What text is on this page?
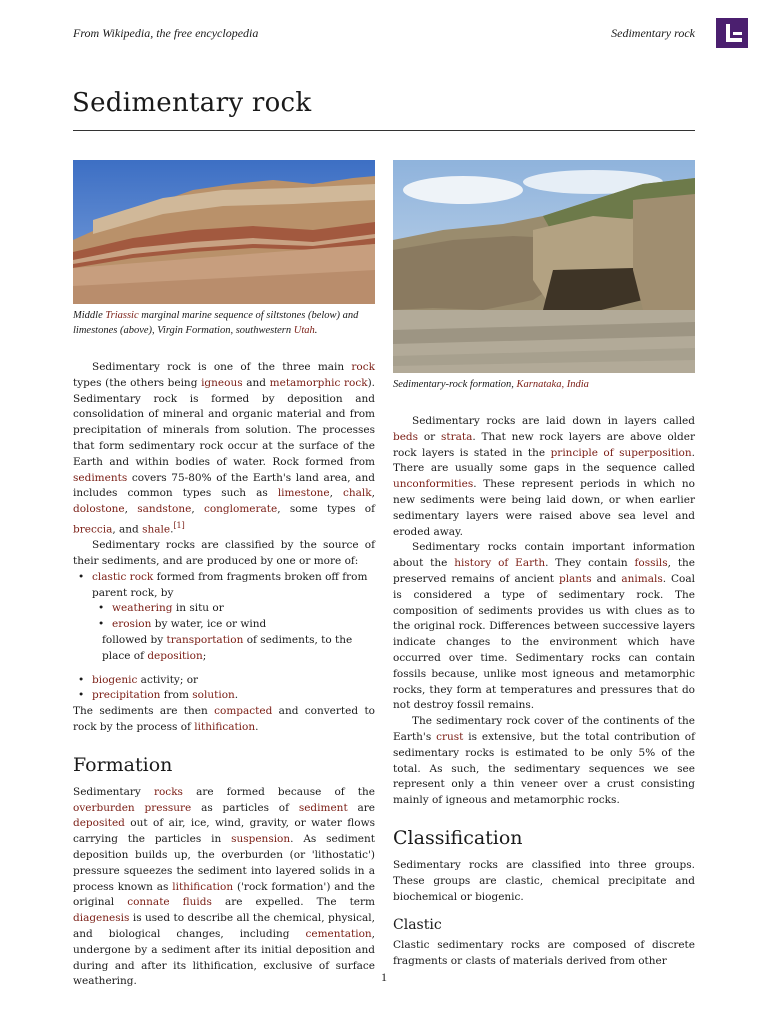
From Wikipedia, the free encyclopedia	Sedimentary rock
Sedimentary rock

Middle Triassic marginal marine sequence of siltstones (below) and limestones (above), Virgin Formation, southwestern Utah.

Sedimentary rock is one of the three main rock types (the others being igneous and metamorphic rock). Sedimentary rock is formed by deposition and consolidation of mineral and organic material and from precipitation of minerals from solution. The processes that form sedimentary rock occur at the surface of the Earth and within bodies of water. Rock formed from sediments covers 75-80% of the Earth's land area, and includes common types such as limestone, chalk, dolostone, sandstone, conglomerate, some types of breccia, and shale.[1]

Sedimentary rocks are classified by the source of their sediments, and are produced by one or more of:

• clastic rock formed from fragments broken off from parent rock, by
• weathering in situ or
• erosion by water, ice or wind
followed by transportation of sediments, to the place of deposition;
• biogenic activity; or
• precipitation from solution.

The sediments are then compacted and converted to rock by the process of lithification.

Formation

Sedimentary rocks are formed because of the overburden pressure as particles of sediment are deposited out of air, ice, wind, gravity, or water flows carrying the particles in suspension. As sediment deposition builds up, the overburden (or 'lithostatic') pressure squeezes the sediment into layered solids in a process known as lithification ('rock formation') and the original connate fluids are expelled. The term diagenesis is used to describe all the chemical, physical, and biological changes, including cementation, undergone by a sediment after its initial deposition and during and after its lithification, exclusive of surface weathering.

Sedimentary-rock formation, Karnataka, India

Sedimentary rocks are laid down in layers called beds or strata. That new rock layers are above older rock layers is stated in the principle of superposition. There are usually some gaps in the sequence called unconformities. These represent periods in which no new sediments were being laid down, or when earlier sedimentary layers were raised above sea level and eroded away.

Sedimentary rocks contain important information about the history of Earth. They contain fossils, the preserved remains of ancient plants and animals. Coal is considered a type of sedimentary rock. The composition of sediments provides us with clues as to the original rock. Differences between successive layers indicate changes to the environment which have occurred over time. Sedimentary rocks can contain fossils because, unlike most igneous and metamorphic rocks, they form at temperatures and pressures that do not destroy fossil remains.

The sedimentary rock cover of the continents of the Earth's crust is extensive, but the total contribution of sedimentary rocks is estimated to be only 5% of the total. As such, the sedimentary sequences we see represent only a thin veneer over a crust consisting mainly of igneous and metamorphic rocks.

Classification

Sedimentary rocks are classified into three groups. These groups are clastic, chemical precipitate and biochemical or biogenic.

Clastic

Clastic sedimentary rocks are composed of discrete fragments or clasts of materials derived from other

1
